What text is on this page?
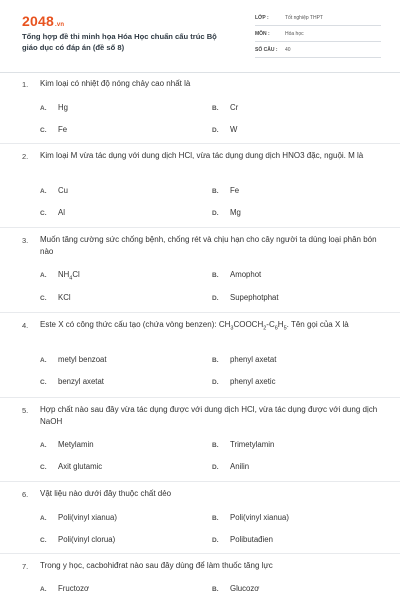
2048.vn
Tổng hợp đề thi minh họa Hóa Học chuẩn cấu trúc Bộ giáo dục có đáp án (đề số 8)
LỚP :	Tốt nghiệp THPT
MÔN :	Hóa học
SỐ CÂU : 40
1. Kim loại có nhiệt độ nóng chảy cao nhất là
A. Hg	B. Cr
C. Fe	D. W
2. Kim loại M vừa tác dụng với dung dịch HCl, vừa tác dụng dung dịch HNO3 đặc, nguội. M là
A. Cu	B. Fe
C. Al	D. Mg
3. Muốn tăng cường sức chống bệnh, chống rét và chịu hạn cho cây người ta dùng loại phân bón nào
A. $NH_4Cl$	B. Amophot
C. KCl	D. Supephotphat
4. Este X có công thức cấu tạo (chứa vòng benzen): $CH_3COOCH_2-C_6H_5$. Tên gọi của X là
A. metyl benzoat	B. phenyl axetat
C. benzyl axetat	D. phenyl axetic
5. Hợp chất nào sau đây vừa tác dụng được với dung dịch HCl, vừa tác dụng được với dung dịch NaOH
A. Metylamin	B. Trimetylamin
C. Axit glutamic	D. Anilin
6. Vật liệu nào dưới đây thuộc chất dẻo
A. Poli(vinyl xianua)	B. Poli(vinyl xianua)
C. Poli(vinyl clorua)	D. Polibutađien
7. Trong y học, cacbohiđrat nào sau đây dùng để làm thuốc tăng lực
A. Fructozơ	B. Glucozơ
